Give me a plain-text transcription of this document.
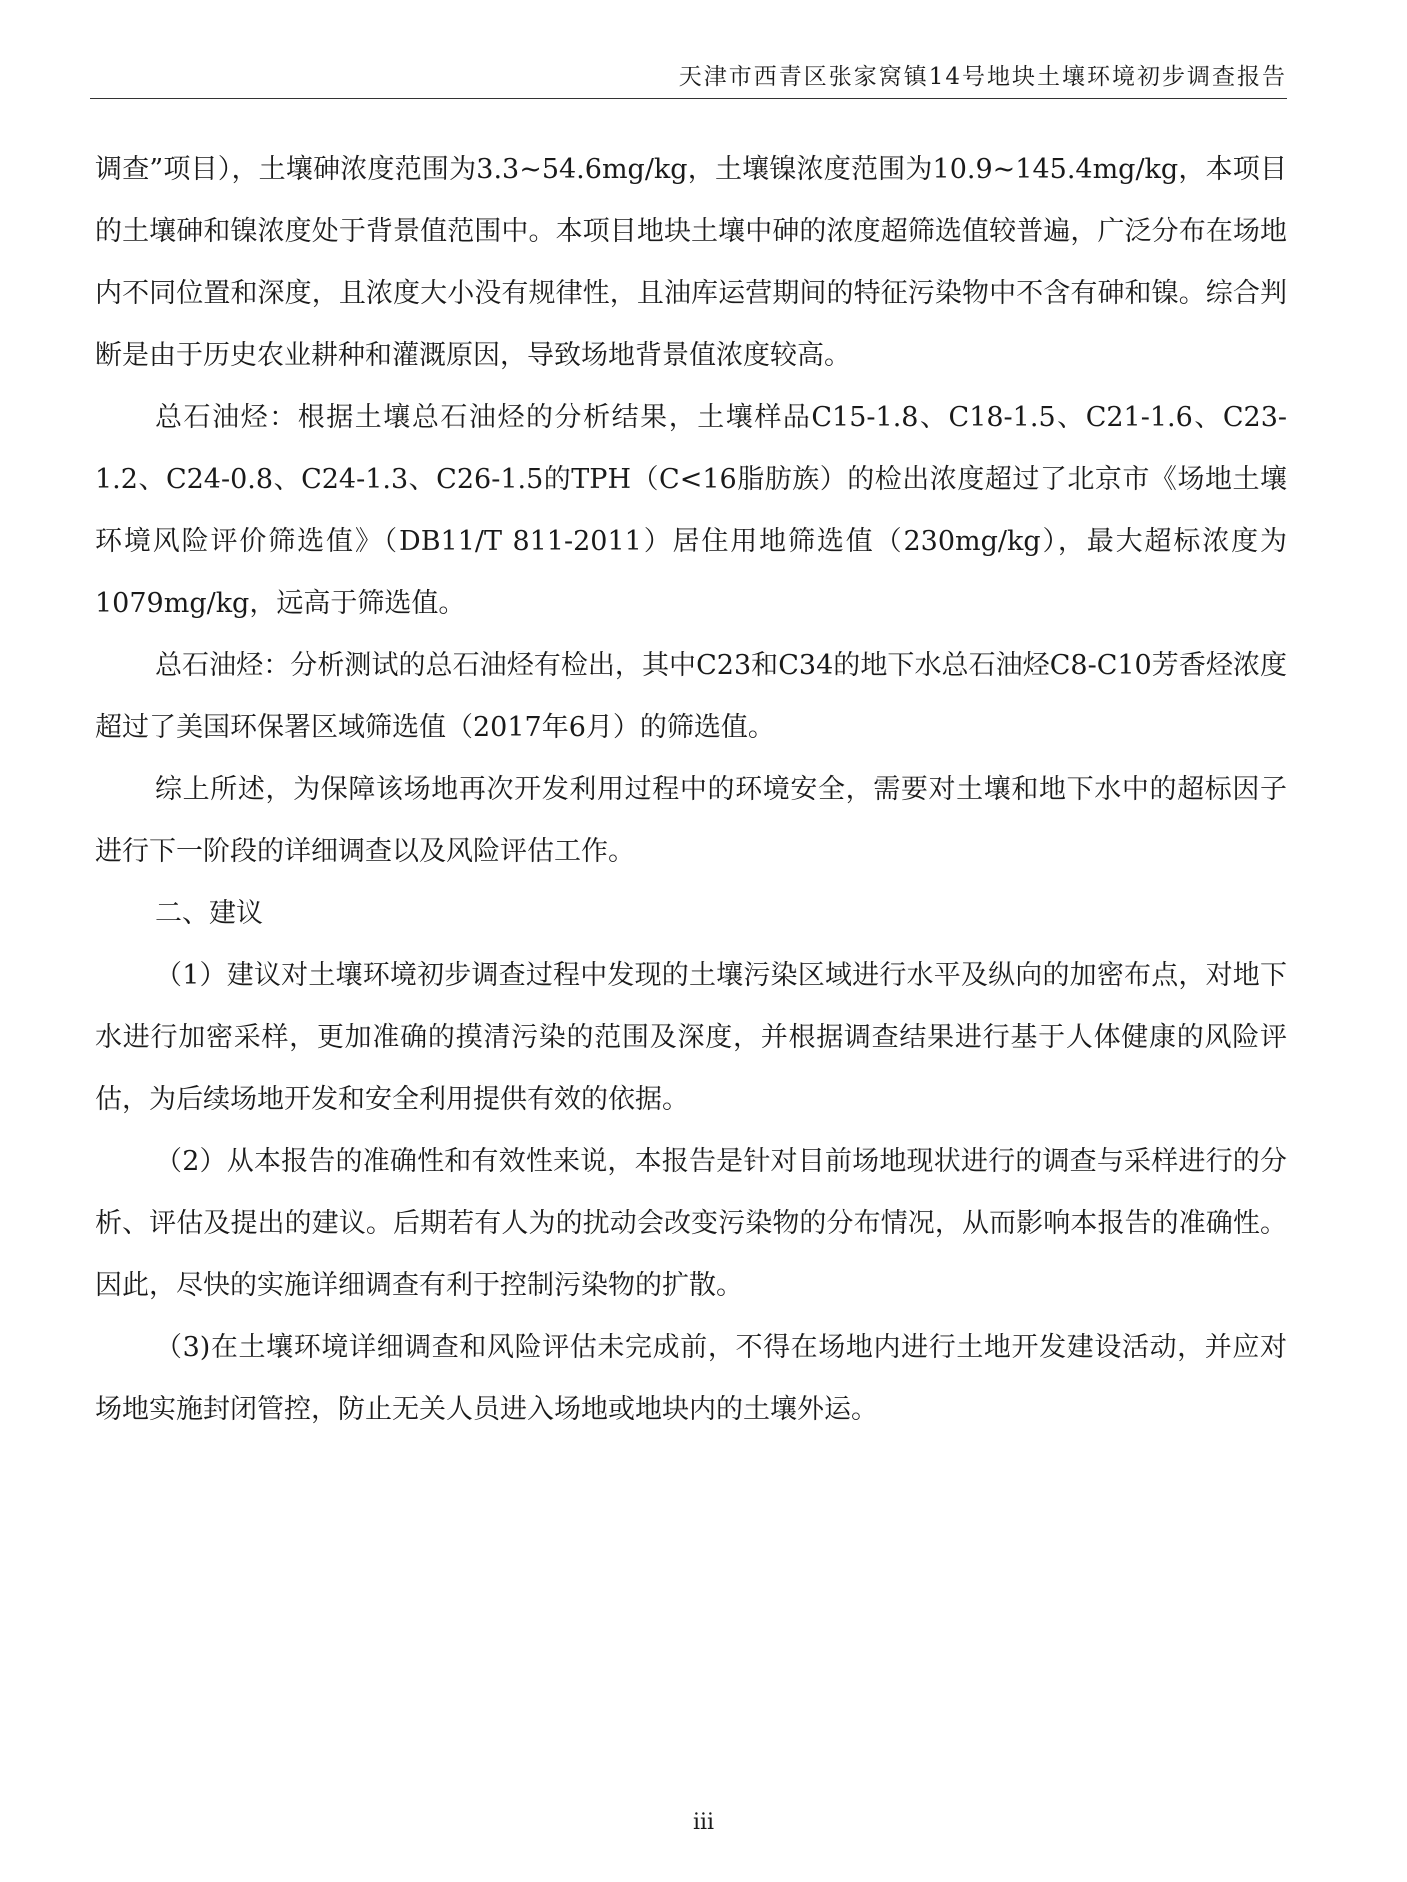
天津市西青区张家窝镇14号地块土壤环境初步调查报告

调查”项目），土壤砷浓度范围为3.3~54.6mg/kg，土壤镍浓度范围为10.9~145.4mg/kg，本项目的土壤砷和镍浓度处于背景值范围中。本项目地块土壤中砷的浓度超筛选值较普遍，广泛分布在场地内不同位置和深度，且浓度大小没有规律性，且油库运营期间的特征污染物中不含有砷和镍。综合判断是由于历史农业耕种和灌溉原因，导致场地背景值浓度较高。

总石油烃：根据土壤总石油烃的分析结果，土壤样品C15-1.8、C18-1.5、C21-1.6、C23-1.2、C24-0.8、C24-1.3、C26-1.5的TPH（C<16脂肪族）的检出浓度超过了北京市《场地土壤环境风险评价筛选值》（DB11/T 811-2011）居住用地筛选值（230mg/kg），最大超标浓度为1079mg/kg，远高于筛选值。

总石油烃：分析测试的总石油烃有检出，其中C23和C34的地下水总石油烃C8-C10芳香烃浓度超过了美国环保署区域筛选值（2017年6月）的筛选值。

综上所述，为保障该场地再次开发利用过程中的环境安全，需要对土壤和地下水中的超标因子进行下一阶段的详细调查以及风险评估工作。

二、建议

（1）建议对土壤环境初步调查过程中发现的土壤污染区域进行水平及纵向的加密布点，对地下水进行加密采样，更加准确的摸清污染的范围及深度，并根据调查结果进行基于人体健康的风险评估，为后续场地开发和安全利用提供有效的依据。

（2）从本报告的准确性和有效性来说，本报告是针对目前场地现状进行的调查与采样进行的分析、评估及提出的建议。后期若有人为的扰动会改变污染物的分布情况，从而影响本报告的准确性。因此，尽快的实施详细调查有利于控制污染物的扩散。

（3)在土壤环境详细调查和风险评估未完成前，不得在场地内进行土地开发建设活动，并应对场地实施封闭管控，防止无关人员进入场地或地块内的土壤外运。

iii
